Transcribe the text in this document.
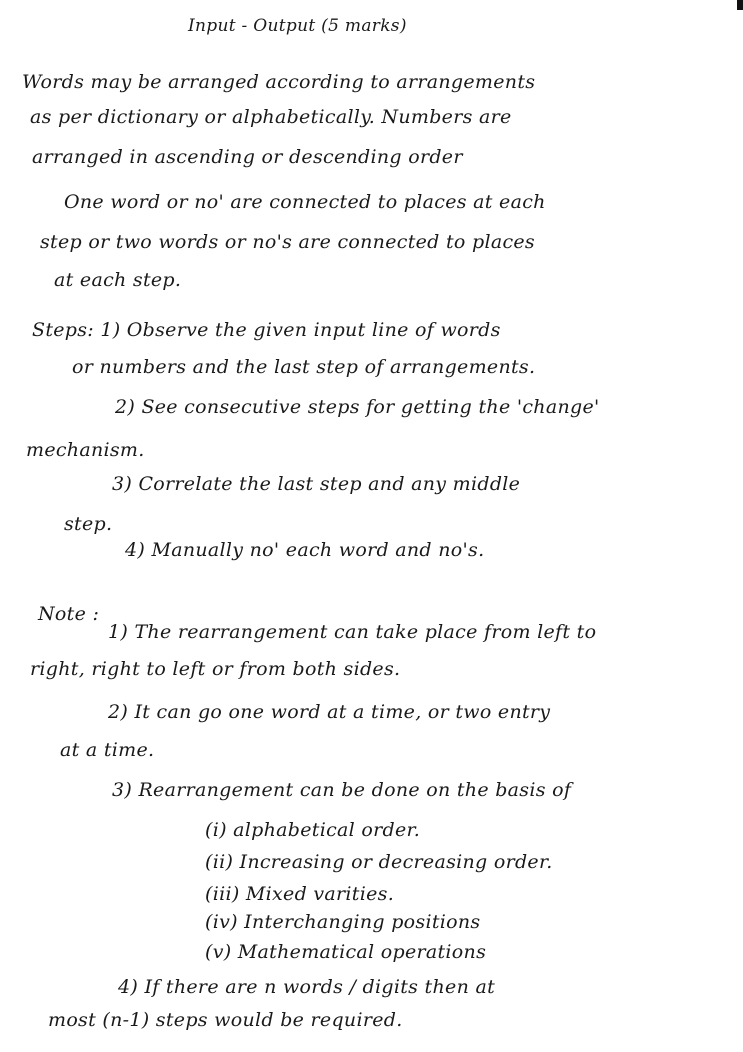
Input - Output (5 marks)
Words may be arranged according to arrangements
as per dictionary or alphabetically. Numbers are
arranged in ascending or descending order
One word or no' are connected to places at each
step or two words or no's are connected to places
at each step.
Steps: 1) Observe the given input line of words
or numbers and the last step of arrangements.
2) See consecutive steps for getting the 'change'
mechanism.
3) Correlate the last step and any middle
step.
4) Manually no' each word and no's.
Note :
1) The rearrangement can take place from left to
right, right to left or from both sides.
2) It can go one word at a time, or two entry
at a time.
3) Rearrangement can be done on the basis of
(i) alphabetical order.
(ii) Increasing or decreasing order.
(iii) Mixed varities.
(iv) Interchanging positions
(v) Mathematical operations
4) If there are n words / digits then at
most (n-1) steps would be required.
